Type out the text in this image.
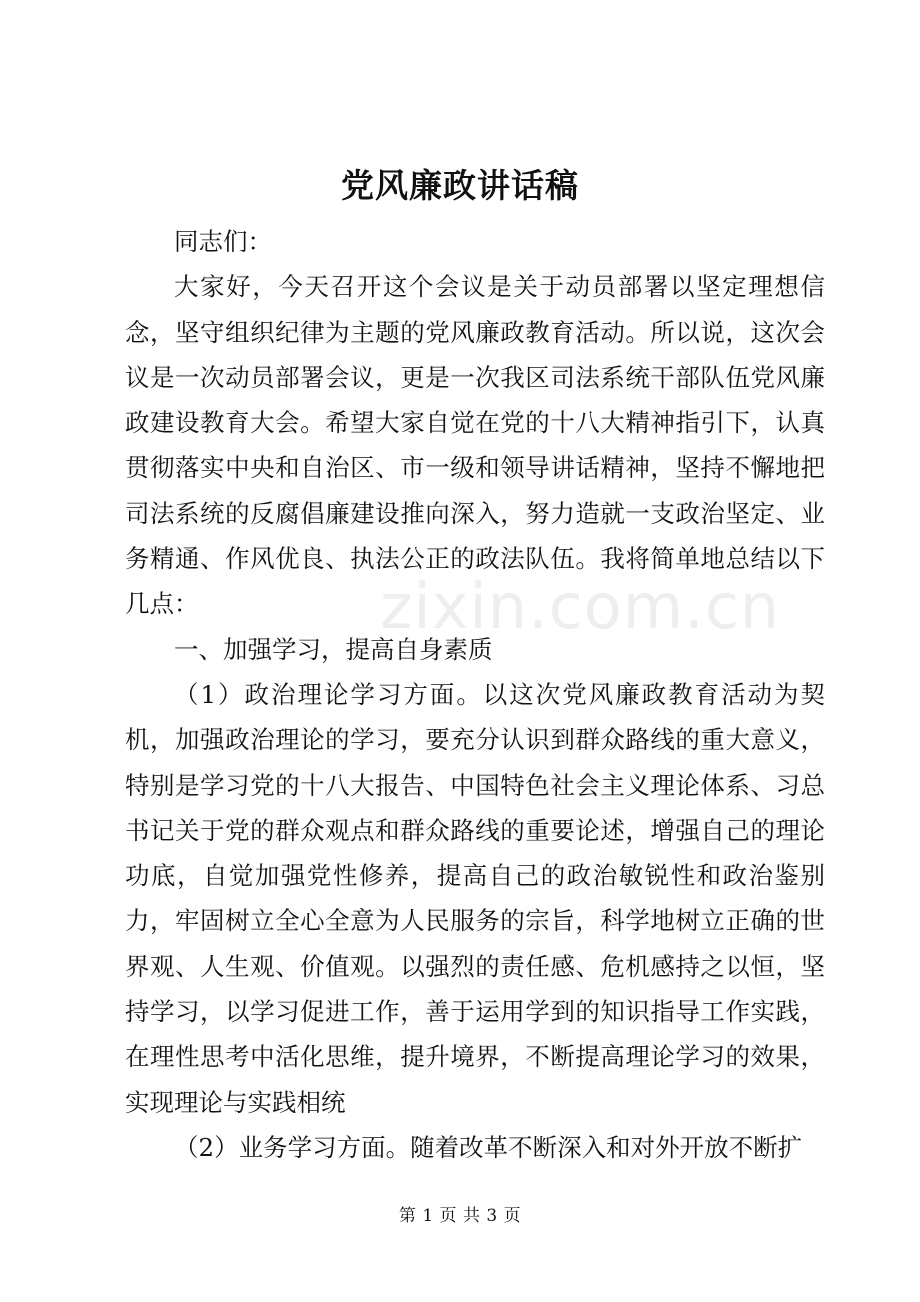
党风廉政讲话稿

同志们：

大家好，今天召开这个会议是关于动员部署以坚定理想信念，坚守组织纪律为主题的党风廉政教育活动。所以说，这次会议是一次动员部署会议，更是一次我区司法系统干部队伍党风廉政建设教育大会。希望大家自觉在党的十八大精神指引下，认真贯彻落实中央和自治区、市一级和领导讲话精神，坚持不懈地把司法系统的反腐倡廉建设推向深入，努力造就一支政治坚定、业务精通、作风优良、执法公正的政法队伍。我将简单地总结以下几点：

一、加强学习，提高自身素质

（1）政治理论学习方面。以这次党风廉政教育活动为契机，加强政治理论的学习，要充分认识到群众路线的重大意义，特别是学习党的十八大报告、中国特色社会主义理论体系、习总书记关于党的群众观点和群众路线的重要论述，增强自己的理论功底，自觉加强党性修养，提高自己的政治敏锐性和政治鉴别力，牢固树立全心全意为人民服务的宗旨，科学地树立正确的世界观、人生观、价值观。以强烈的责任感、危机感持之以恒，坚持学习，以学习促进工作，善于运用学到的知识指导工作实践，在理性思考中活化思维，提升境界，不断提高理论学习的效果，实现理论与实践相统

（2）业务学习方面。随着改革不断深入和对外开放不断扩

zixin.com.cn
第 1 页 共 3 页
